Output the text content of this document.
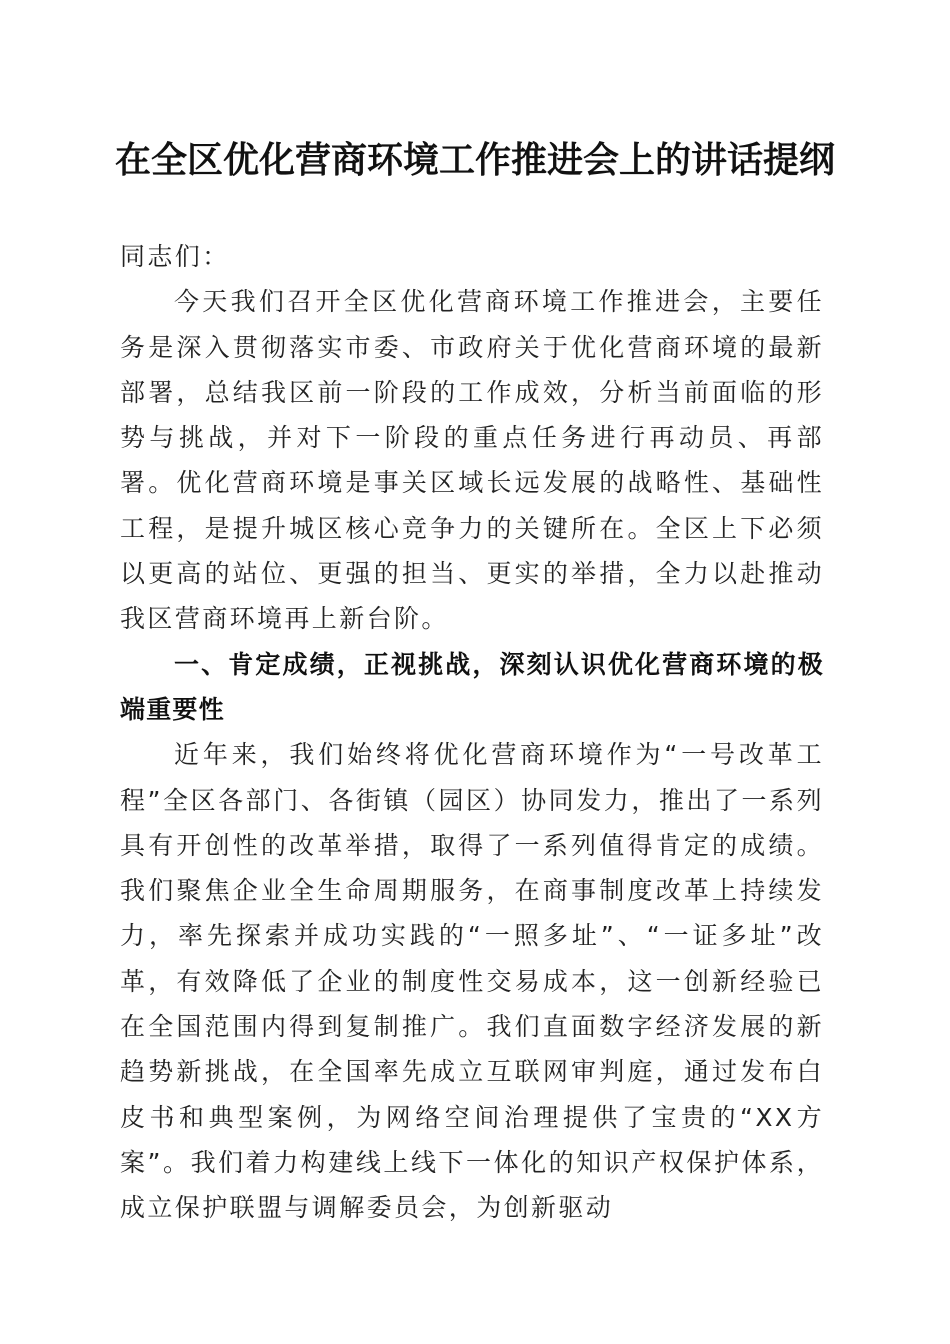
在全区优化营商环境工作推进会上的讲话提纲

同志们：

今天我们召开全区优化营商环境工作推进会，主要任务是深入贯彻落实市委、市政府关于优化营商环境的最新部署，总结我区前一阶段的工作成效，分析当前面临的形势与挑战，并对下一阶段的重点任务进行再动员、再部署。优化营商环境是事关区域长远发展的战略性、基础性工程，是提升城区核心竞争力的关键所在。全区上下必须以更高的站位、更强的担当、更实的举措，全力以赴推动我区营商环境再上新台阶。

一、肯定成绩，正视挑战，深刻认识优化营商环境的极端重要性

近年来，我们始终将优化营商环境作为“一号改革工程”全区各部门、各街镇（园区）协同发力，推出了一系列具有开创性的改革举措，取得了一系列值得肯定的成绩。我们聚焦企业全生命周期服务，在商事制度改革上持续发力，率先探索并成功实践的“一照多址”、“一证多址”改革，有效降低了企业的制度性交易成本，这一创新经验已在全国范围内得到复制推广。我们直面数字经济发展的新趋势新挑战，在全国率先成立互联网审判庭，通过发布白皮书和典型案例，为网络空间治理提供了宝贵的“XX方案”。我们着力构建线上线下一体化的知识产权保护体系，成立保护联盟与调解委员会，为创新驱动
